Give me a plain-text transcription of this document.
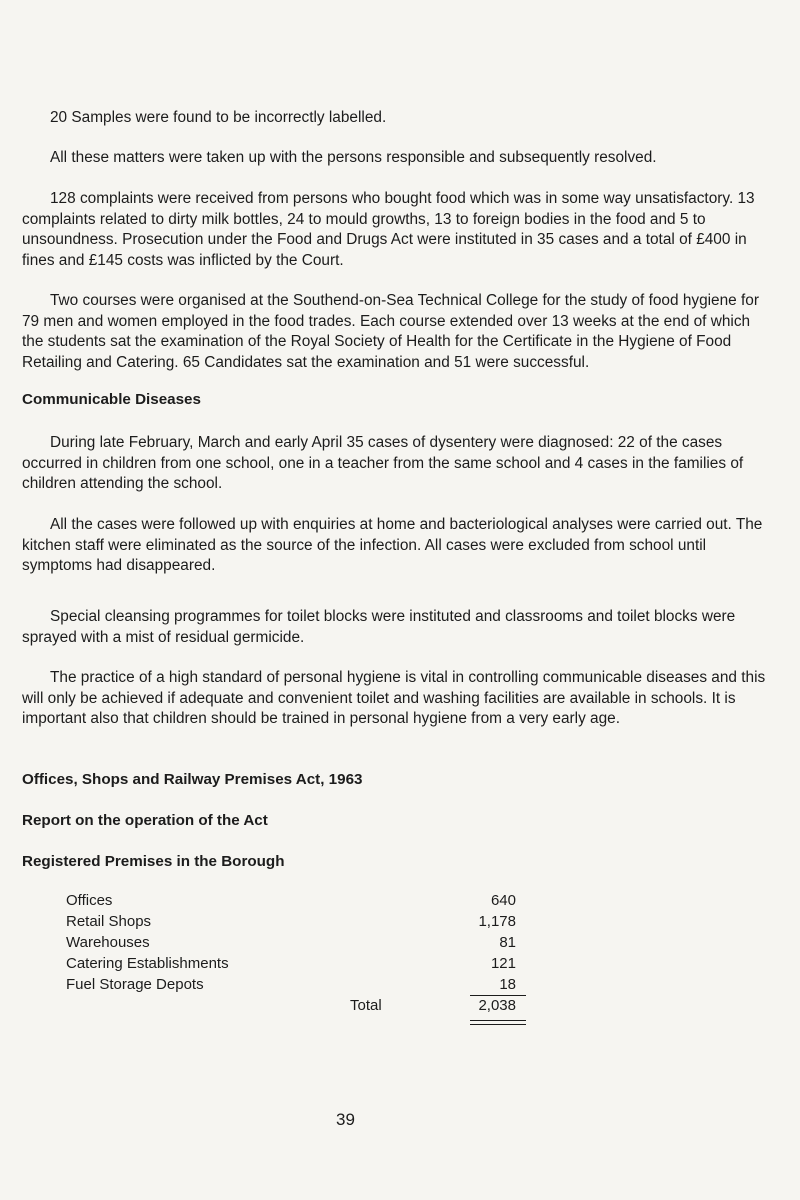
20 Samples were found to be incorrectly labelled.

All these matters were taken up with the persons responsible and subsequently resolved.

128 complaints were received from persons who bought food which was in some way unsatisfactory. 13 complaints related to dirty milk bottles, 24 to mould growths, 13 to foreign bodies in the food and 5 to unsoundness. Prosecution under the Food and Drugs Act were instituted in 35 cases and a total of £400 in fines and £145 costs was inflicted by the Court.

Two courses were organised at the Southend-on-Sea Technical College for the study of food hygiene for 79 men and women employed in the food trades. Each course extended over 13 weeks at the end of which the students sat the examination of the Royal Society of Health for the Certificate in the Hygiene of Food Retailing and Catering. 65 Candidates sat the examination and 51 were successful.

Communicable Diseases

During late February, March and early April 35 cases of dysentery were diagnosed: 22 of the cases occurred in children from one school, one in a teacher from the same school and 4 cases in the families of children attending the school.

All the cases were followed up with enquiries at home and bacteriological analyses were carried out. The kitchen staff were eliminated as the source of the infection. All cases were excluded from school until symptoms had disappeared.

Special cleansing programmes for toilet blocks were instituted and classrooms and toilet blocks were sprayed with a mist of residual germicide.

The practice of a high standard of personal hygiene is vital in controlling communicable diseases and this will only be achieved if adequate and convenient toilet and washing facilities are available in schools. It is important also that children should be trained in personal hygiene from a very early age.

Offices, Shops and Railway Premises Act, 1963

Report on the operation of the Act

Registered Premises in the Borough

Offices	640
Retail Shops	1,178
Warehouses	81
Catering Establishments	121
Fuel Storage Depots	18
Total	2,038
39
